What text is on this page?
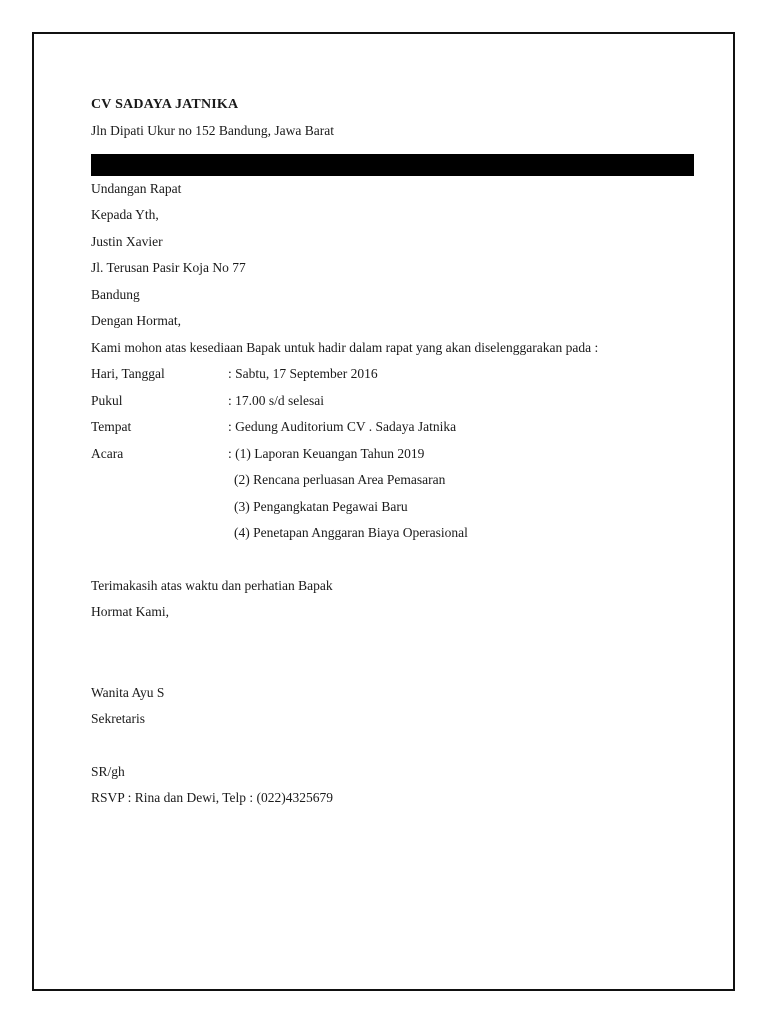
CV SADAYA JATNIKA
Jln Dipati Ukur no 152 Bandung, Jawa Barat
Undangan Rapat
Kepada Yth,
Justin Xavier
Jl. Terusan Pasir Koja No 77
Bandung
Dengan Hormat,
Kami mohon atas kesediaan Bapak untuk hadir dalam rapat yang akan diselenggarakan pada :
Hari, Tanggal	: Sabtu, 17 September 2016
Pukul	: 17.00 s/d selesai
Tempat	: Gedung Auditorium CV . Sadaya Jatnika
Acara	: (1) Laporan Keuangan Tahun 2019
(2) Rencana perluasan Area Pemasaran
(3) Pengangkatan Pegawai Baru
(4) Penetapan Anggaran Biaya Operasional
Terimakasih atas waktu dan perhatian Bapak
Hormat Kami,
Wanita Ayu S
Sekretaris
SR/gh
RSVP : Rina dan Dewi, Telp : (022)4325679
